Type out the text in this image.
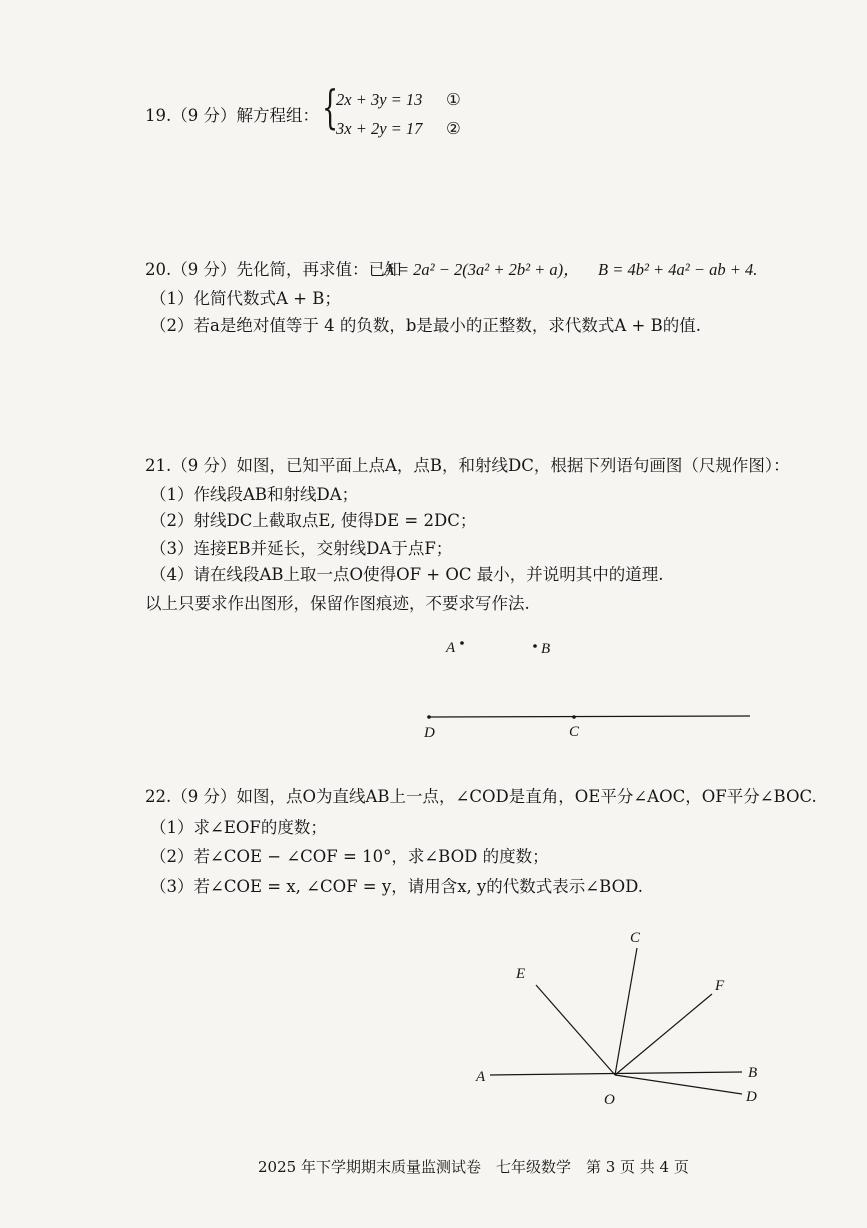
19.（9 分）解方程组： {
2x + 3y = 13 ①
3x + 2y = 17 ②
20.（9 分）先化简，再求值：已知
A = 2a² − 2(3a² + 2b² + a)， B = 4b² + 4a² − ab + 4.
（1）化简代数式A + B；
（2）若a是绝对值等于 4 的负数，b是最小的正整数，求代数式A + B的值.
21.（9 分）如图，已知平面上点A，点B，和射线DC，根据下列语句画图（尺规作图）：
（1）作线段AB和射线DA；
（2）射线DC上截取点E, 使得DE = 2DC；
（3）连接EB并延长，交射线DA于点F；
（4）请在线段AB上取一点O使得OF + OC 最小，并说明其中的道理.
以上只要求作出图形，保留作图痕迹，不要求写作法.
A	B
D	C
A	B
C
D
E
F
O
22.（9 分）如图，点O为直线AB上一点，∠COD是直角，OE平分∠AOC，OF平分∠BOC.
（1）求∠EOF的度数；
（2）若∠COE − ∠COF = 10°，求∠BOD 的度数；
（3）若∠COE = x, ∠COF = y，请用含x, y的代数式表示∠BOD.
2025 年下学期期末质量监测试卷　七年级数学　第 3 页 共 4 页
